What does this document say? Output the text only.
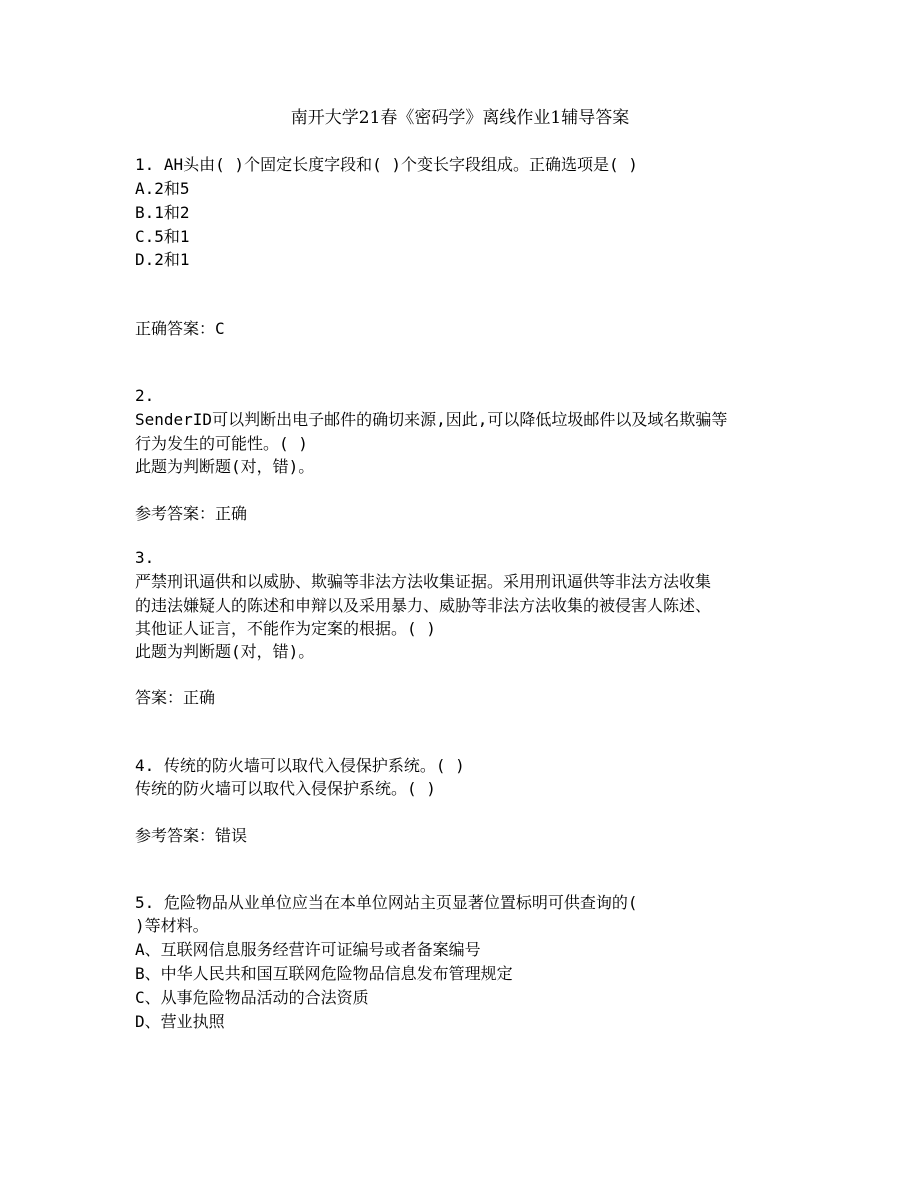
南开大学21春《密码学》离线作业1辅导答案
1. AH头由( )个固定长度字段和( )个变长字段组成。正确选项是( )
A.2和5
B.1和2
C.5和1
D.2和1
正确答案：C
2.
SenderID可以判断出电子邮件的确切来源,因此,可以降低垃圾邮件以及域名欺骗等
行为发生的可能性。( )
此题为判断题(对，错)。
参考答案：正确
3.
严禁刑讯逼供和以威胁、欺骗等非法方法收集证据。采用刑讯逼供等非法方法收集
的违法嫌疑人的陈述和申辩以及采用暴力、威胁等非法方法收集的被侵害人陈述、
其他证人证言，不能作为定案的根据。( )
此题为判断题(对，错)。
答案：正确
4. 传统的防火墙可以取代入侵保护系统。( )
传统的防火墙可以取代入侵保护系统。( )
参考答案：错误
5. 危险物品从业单位应当在本单位网站主页显著位置标明可供查询的(
)等材料。
A、互联网信息服务经营许可证编号或者备案编号
B、中华人民共和国互联网危险物品信息发布管理规定
C、从事危险物品活动的合法资质
D、营业执照
